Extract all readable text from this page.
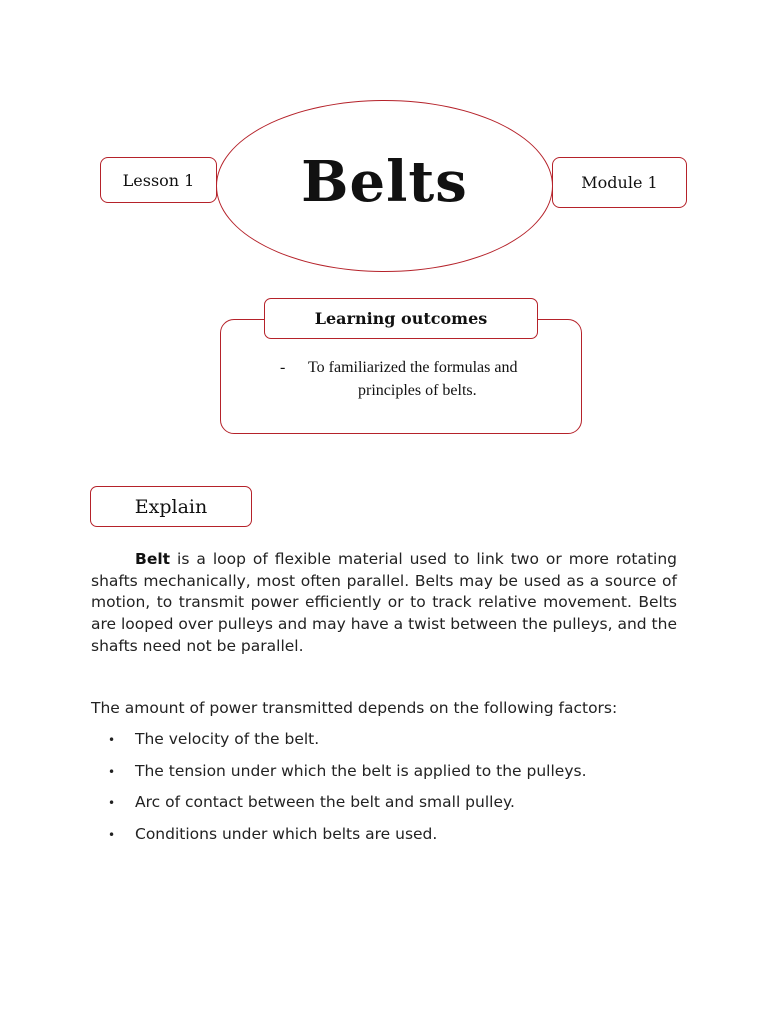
Lesson 1 Belts	Module 1
Learning outcomes
- To familiarized the formulas and
principles of belts.
Explain

Belt is a loop of flexible material used to link two or more rotating shafts mechanically, most often parallel. Belts may be used as a source of motion, to transmit power efficiently or to track relative movement. Belts are looped over pulleys and may have a twist between the pulleys, and the shafts need not be parallel.

The amount of power transmitted depends on the following factors:
•	The velocity of the belt.
•	The tension under which the belt is applied to the pulleys.
•	Arc of contact between the belt and small pulley.
•	Conditions under which belts are used.
